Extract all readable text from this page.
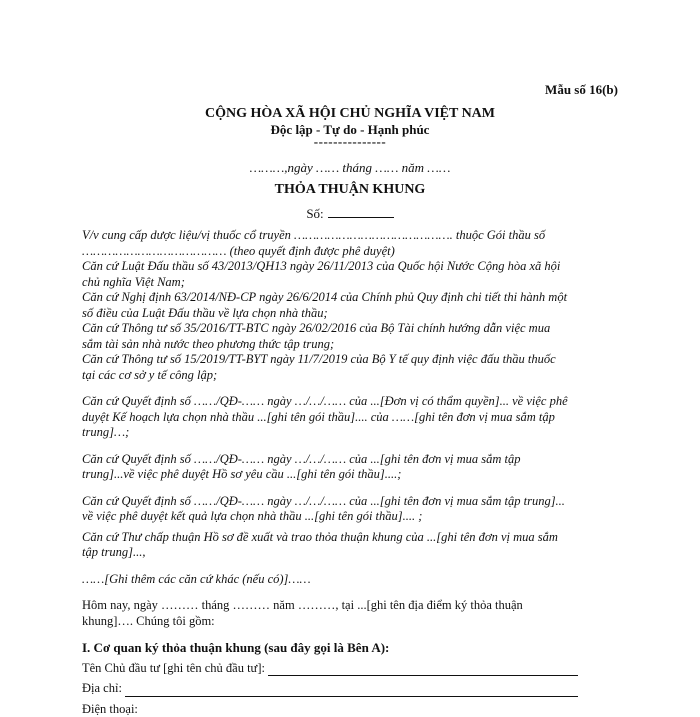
Mẫu số 16(b)
CỘNG HÒA XÃ HỘI CHỦ NGHĨA VIỆT NAM
Độc lập - Tự do - Hạnh phúc
---------------
………,ngày …… tháng …… năm ……
THỎA THUẬN KHUNG
Số:

V/v cung cấp dược liệu/vị thuốc cổ truyền ……………………………………. thuộc Gói thầu số
………………………………… (theo quyết định được phê duyệt)

Căn cứ Luật Đấu thầu số 43/2013/QH13 ngày 26/11/2013 của Quốc hội Nước Cộng hòa xã hội
chủ nghĩa Việt Nam;

Căn cứ Nghị định 63/2014/NĐ-CP ngày 26/6/2014 của Chính phủ Quy định chi tiết thi hành một
số điều của Luật Đấu thầu về lựa chọn nhà thầu;

Căn cứ Thông tư số 35/2016/TT-BTC ngày 26/02/2016 của Bộ Tài chính hướng dẫn việc mua
sắm tài sản nhà nước theo phương thức tập trung;

Căn cứ Thông tư số 15/2019/TT-BYT ngày 11/7/2019 của Bộ Y tế quy định việc đấu thầu thuốc
tại các cơ sở y tế công lập;

Căn cứ Quyết định số ……/QĐ-…… ngày …/…/…… của ...[Đơn vị có thẩm quyền]... về việc phê
duyệt Kế hoạch lựa chọn nhà thầu ...[ghi tên gói thầu].... của ……[ghi tên đơn vị mua sắm tập
trung]…;

Căn cứ Quyết định số ……/QĐ-…… ngày …/…/…… của ...[ghi tên đơn vị mua sắm tập
trung]...về việc phê duyệt Hồ sơ yêu cầu ...[ghi tên gói thầu]....;

Căn cứ Quyết định số ……/QĐ-…… ngày …/…/…… của ...[ghi tên đơn vị mua sắm tập trung]...
về việc phê duyệt kết quả lựa chọn nhà thầu ...[ghi tên gói thầu].... ;

Căn cứ Thư chấp thuận Hồ sơ đề xuất và trao thỏa thuận khung của ...[ghi tên đơn vị mua sắm
tập trung]...,

……[Ghi thêm các căn cứ khác (nếu có)]……

Hôm nay, ngày ……… tháng ……… năm ………, tại ...[ghi tên địa điểm ký thỏa thuận
khung]…. Chúng tôi gồm:

I. Cơ quan ký thỏa thuận khung (sau đây gọi là Bên A):

Tên Chủ đầu tư [ghi tên chủ đầu tư]:

Địa chỉ:

Điện thoại:
